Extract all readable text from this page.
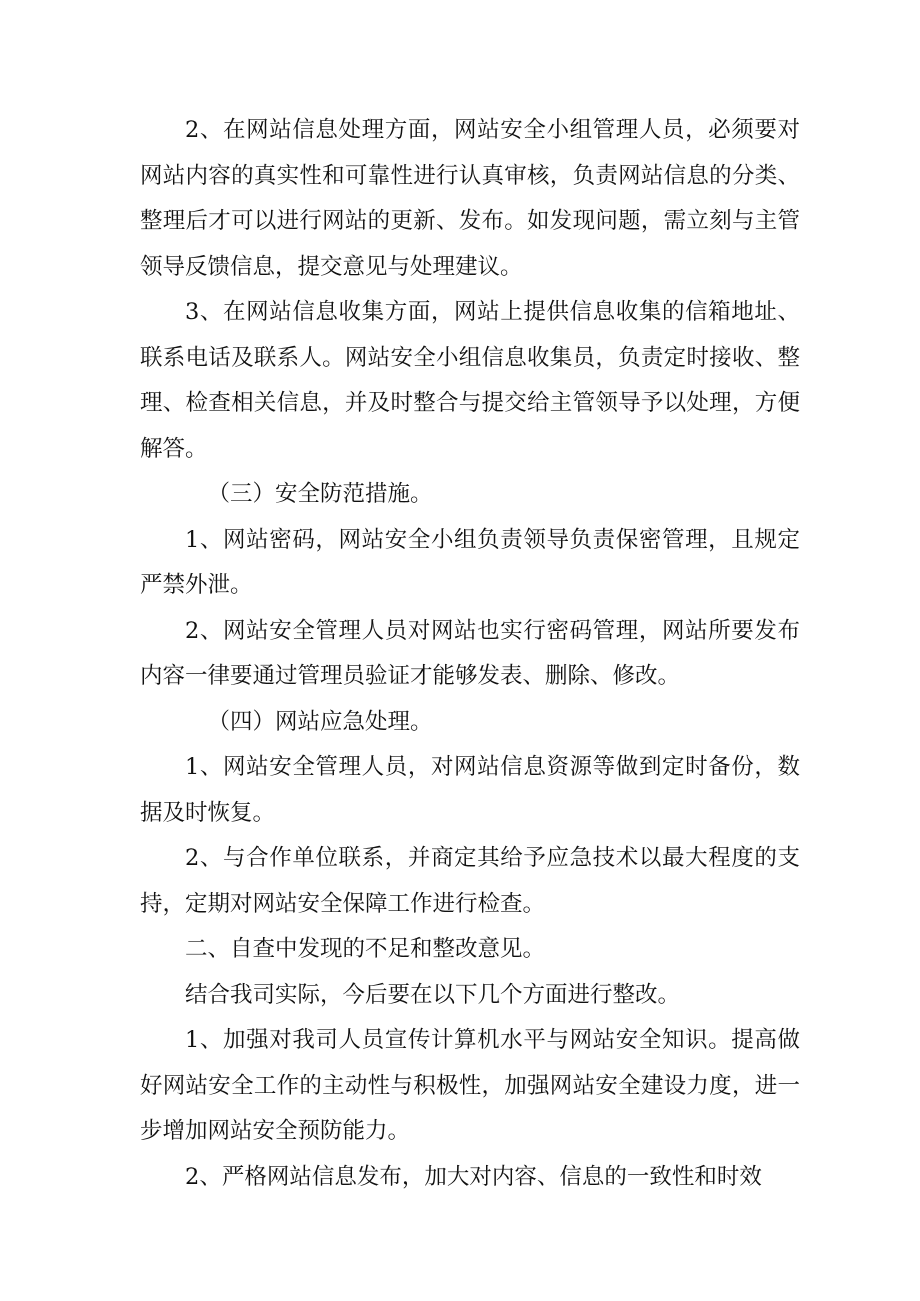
2、在网站信息处理方面，网站安全小组管理人员，必须要对网站内容的真实性和可靠性进行认真审核，负责网站信息的分类、整理后才可以进行网站的更新、发布。如发现问题，需立刻与主管领导反馈信息，提交意见与处理建议。

3、在网站信息收集方面，网站上提供信息收集的信箱地址、联系电话及联系人。网站安全小组信息收集员，负责定时接收、整理、检查相关信息，并及时整合与提交给主管领导予以处理，方便解答。

（三）安全防范措施。

1、网站密码，网站安全小组负责领导负责保密管理，且规定严禁外泄。

2、网站安全管理人员对网站也实行密码管理，网站所要发布内容一律要通过管理员验证才能够发表、删除、修改。

（四）网站应急处理。

1、网站安全管理人员，对网站信息资源等做到定时备份，数据及时恢复。

2、与合作单位联系，并商定其给予应急技术以最大程度的支持，定期对网站安全保障工作进行检查。

二、自查中发现的不足和整改意见。

结合我司实际，今后要在以下几个方面进行整改。

1、加强对我司人员宣传计算机水平与网站安全知识。提高做好网站安全工作的主动性与积极性，加强网站安全建设力度，进一步增加网站安全预防能力。

2、严格网站信息发布，加大对内容、信息的一致性和时效
